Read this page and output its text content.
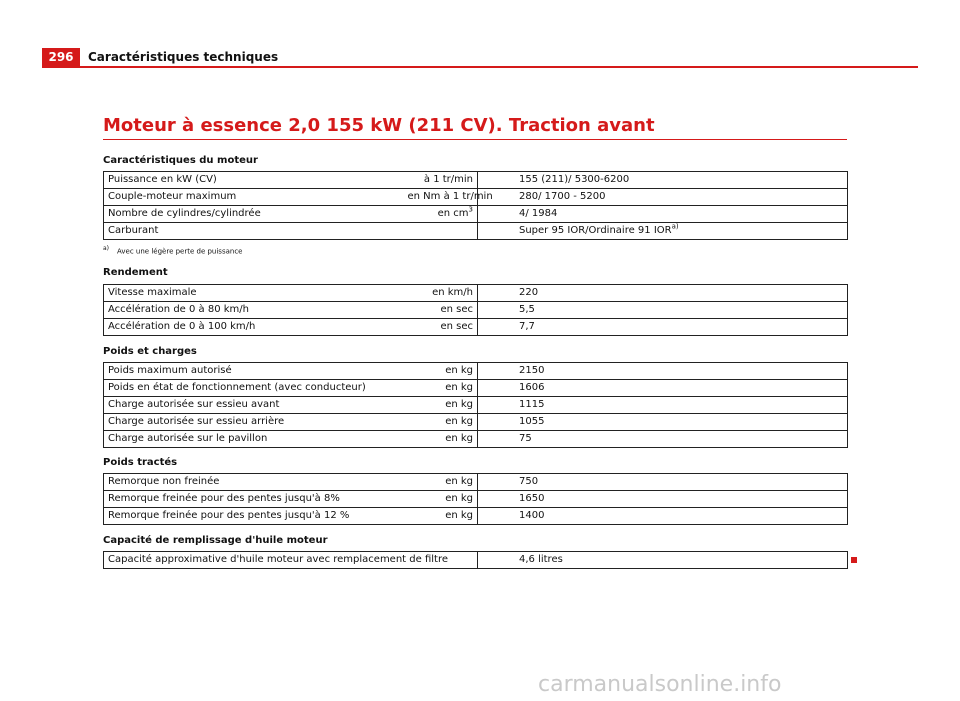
296	Caractéristiques techniques
Moteur à essence 2,0 155 kW (211 CV). Traction avant
Caractéristiques du moteur
Puissance en kW (CV)	à 1 tr/min	155 (211)/ 5300-6200
Couple-moteur maximum	en Nm à 1 tr/min	280/ 1700 - 5200
Nombre de cylindres/cylindrée	en $cm^3$	4/ 1984
Carburant		Super 95 IOR/Ordinaire 91 IOR$^{a)}$
a) Avec une légère perte de puissance
Rendement
Vitesse maximale	en km/h	220
Accélération de 0 à 80 km/h	en sec	5,5
Accélération de 0 à 100 km/h	en sec	7,7
Poids et charges
Poids maximum autorisé	en kg	2150
Poids en état de fonctionnement (avec conducteur)	en kg	1606
Charge autorisée sur essieu avant	en kg	1115
Charge autorisée sur essieu arrière	en kg	1055
Charge autorisée sur le pavillon	en kg	75
Poids tractés
Remorque non freinée	en kg	750
Remorque freinée pour des pentes jusqu'à 8%	en kg	1650
Remorque freinée pour des pentes jusqu'à 12 %	en kg	1400
Capacité de remplissage d'huile moteur
Capacité approximative d'huile moteur avec remplacement de filtre	4,6 litres
carmanualsonline.info
